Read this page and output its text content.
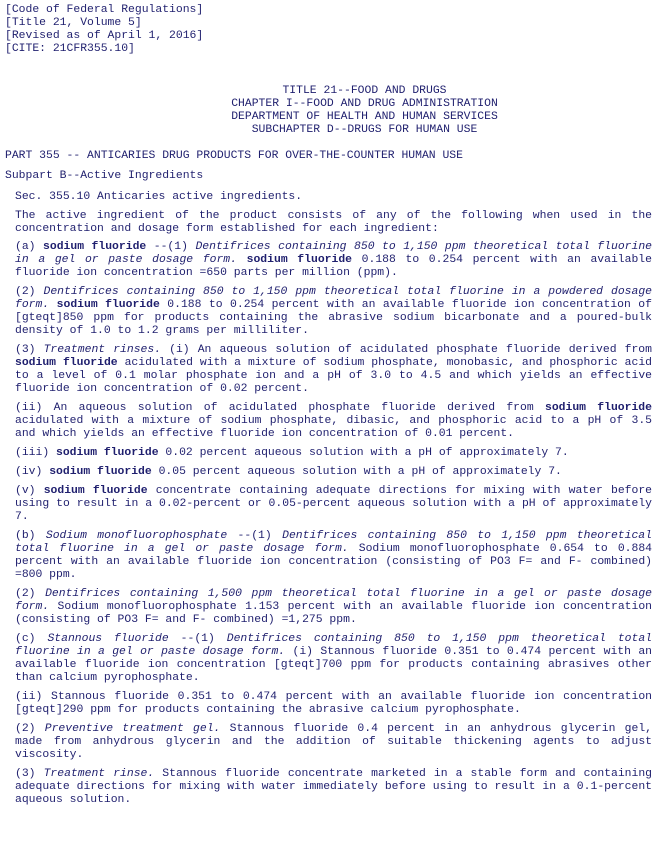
[Code of Federal Regulations]
[Title 21, Volume 5]
[Revised as of April 1, 2016]
[CITE: 21CFR355.10]
TITLE 21--FOOD AND DRUGS
CHAPTER I--FOOD AND DRUG ADMINISTRATION
DEPARTMENT OF HEALTH AND HUMAN SERVICES
SUBCHAPTER D--DRUGS FOR HUMAN USE
PART 355 -- ANTICARIES DRUG PRODUCTS FOR OVER-THE-COUNTER HUMAN USE
Subpart B--Active Ingredients
Sec. 355.10 Anticaries active ingredients.

The active ingredient of the product consists of any of the following when used in the concentration and dosage form established for each ingredient:

(a) sodium fluoride --(1) Dentifrices containing 850 to 1,150 ppm theoretical total fluorine in a gel or paste dosage form. sodium fluoride 0.188 to 0.254 percent with an available fluoride ion concentration =650 parts per million (ppm).

(2) Dentifrices containing 850 to 1,150 ppm theoretical total fluorine in a powdered dosage form. sodium fluoride 0.188 to 0.254 percent with an available fluoride ion concentration of [gteqt]850 ppm for products containing the abrasive sodium bicarbonate and a poured-bulk density of 1.0 to 1.2 grams per milliliter.

(3) Treatment rinses. (i) An aqueous solution of acidulated phosphate fluoride derived from sodium fluoride acidulated with a mixture of sodium phosphate, monobasic, and phosphoric acid to a level of 0.1 molar phosphate ion and a pH of 3.0 to 4.5 and which yields an effective fluoride ion concentration of 0.02 percent.

(ii) An aqueous solution of acidulated phosphate fluoride derived from sodium fluoride acidulated with a mixture of sodium phosphate, dibasic, and phosphoric acid to a pH of 3.5 and which yields an effective fluoride ion concentration of 0.01 percent.

(iii) sodium fluoride 0.02 percent aqueous solution with a pH of approximately 7.

(iv) sodium fluoride 0.05 percent aqueous solution with a pH of approximately 7.

(v) sodium fluoride concentrate containing adequate directions for mixing with water before using to result in a 0.02-percent or 0.05-percent aqueous solution with a pH of approximately 7.

(b) Sodium monofluorophosphate --(1) Dentifrices containing 850 to 1,150 ppm theoretical total fluorine in a gel or paste dosage form. Sodium monofluorophosphate 0.654 to 0.884 percent with an available fluoride ion concentration (consisting of PO3 F= and F- combined) =800 ppm.

(2) Dentifrices containing 1,500 ppm theoretical total fluorine in a gel or paste dosage form. Sodium monofluorophosphate 1.153 percent with an available fluoride ion concentration (consisting of PO3 F= and F- combined) =1,275 ppm.

(c) Stannous fluoride --(1) Dentifrices containing 850 to 1,150 ppm theoretical total fluorine in a gel or paste dosage form. (i) Stannous fluoride 0.351 to 0.474 percent with an available fluoride ion concentration [gteqt]700 ppm for products containing abrasives other than calcium pyrophosphate.

(ii) Stannous fluoride 0.351 to 0.474 percent with an available fluoride ion concentration [gteqt]290 ppm for products containing the abrasive calcium pyrophosphate.

(2) Preventive treatment gel. Stannous fluoride 0.4 percent in an anhydrous glycerin gel, made from anhydrous glycerin and the addition of suitable thickening agents to adjust viscosity.

(3) Treatment rinse. Stannous fluoride concentrate marketed in a stable form and containing adequate directions for mixing with water immediately before using to result in a 0.1-percent aqueous solution.
